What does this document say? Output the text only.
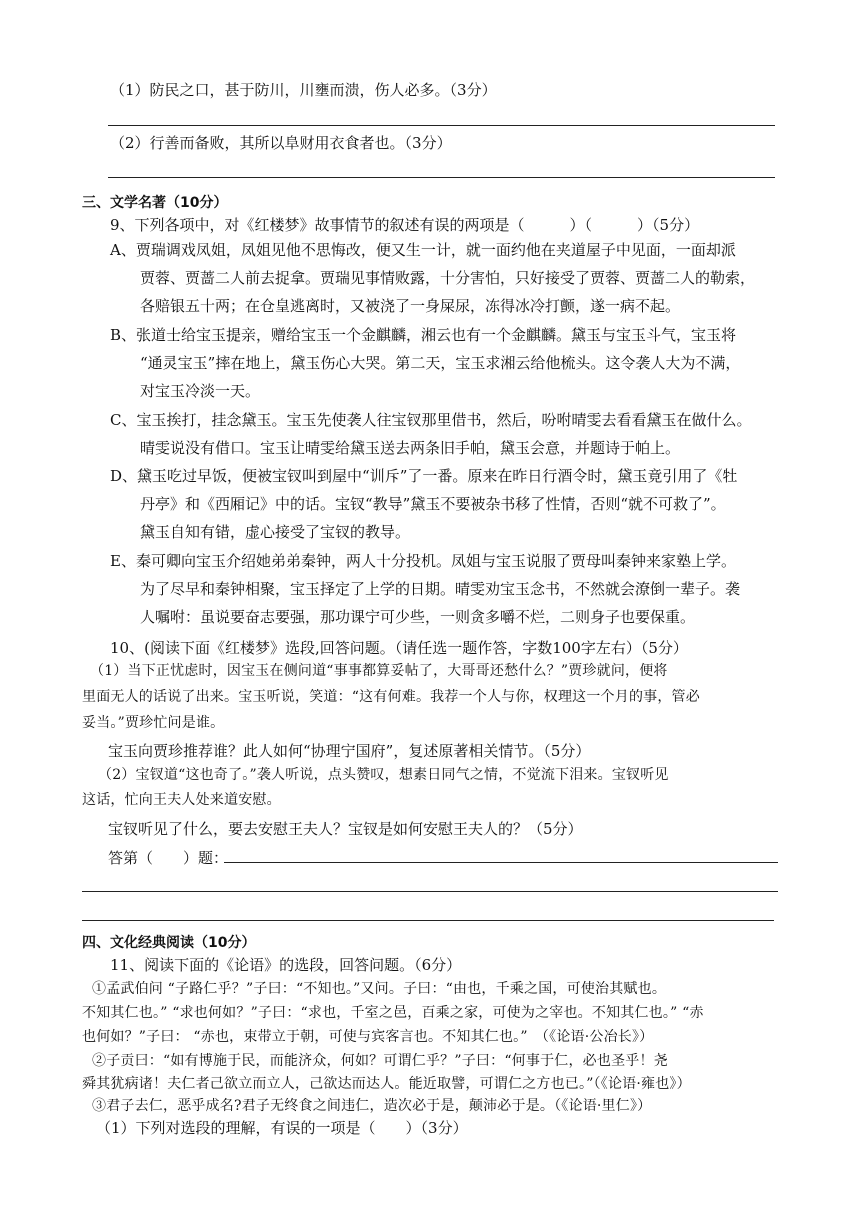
（1）防民之口，甚于防川，川壅而溃，伤人必多。（3分）
（2）行善而备败，其所以阜财用衣食者也。（3分）
三、文学名著（10分）
9、下列各项中，对《红楼梦》故事情节的叙述有误的两项是（　　　）（　　　）（5分）
A、贾瑞调戏凤姐，凤姐见他不思悔改，便又生一计，就一面约他在夹道屋子中见面，一面却派
贾蓉、贾蔷二人前去捉拿。贾瑞见事情败露，十分害怕，只好接受了贾蓉、贾蔷二人的勒索，
各赔银五十两；在仓皇逃离时，又被浇了一身屎尿，冻得冰冷打颤，遂一病不起。
B、张道士给宝玉提亲，赠给宝玉一个金麒麟，湘云也有一个金麒麟。黛玉与宝玉斗气，宝玉将
“通灵宝玉”摔在地上，黛玉伤心大哭。第二天，宝玉求湘云给他梳头。这令袭人大为不满，
对宝玉冷淡一天。
C、宝玉挨打，挂念黛玉。宝玉先使袭人往宝钗那里借书，然后，吩咐晴雯去看看黛玉在做什么。
晴雯说没有借口。宝玉让晴雯给黛玉送去两条旧手帕，黛玉会意，并题诗于帕上。
D、黛玉吃过早饭，便被宝钗叫到屋中“训斥”了一番。原来在昨日行酒令时，黛玉竟引用了《牡
丹亭》和《西厢记》中的话。宝钗“教导”黛玉不要被杂书移了性情，否则“就不可救了”。
黛玉自知有错，虚心接受了宝钗的教导。
E、秦可卿向宝玉介绍她弟弟秦钟，两人十分投机。凤姐与宝玉说服了贾母叫秦钟来家塾上学。
为了尽早和秦钟相聚，宝玉择定了上学的日期。晴雯劝宝玉念书，不然就会潦倒一辈子。袭
人嘱咐：虽说要奋志要强，那功课宁可少些，一则贪多嚼不烂，二则身子也要保重。
10、(阅读下面《红楼梦》选段,回答问题。（请任选一题作答，字数100字左右）（5分）
（1）当下正忧虑时，因宝玉在侧问道“事事都算妥帖了，大哥哥还愁什么？”贾珍就问，便将
里面无人的话说了出来。宝玉听说，笑道：“这有何难。我荐一个人与你，权理这一个月的事，管必
妥当。”贾珍忙问是谁。
宝玉向贾珍推荐谁？此人如何“协理宁国府”，复述原著相关情节。（5分）
（2）宝钗道“这也奇了。”袭人听说，点头赞叹，想素日同气之情，不觉流下泪来。宝钗听见
这话，忙向王夫人处来道安慰。
宝钗听见了什么，要去安慰王夫人？宝钗是如何安慰王夫人的？（5分）
答第（　　）题：
四、文化经典阅读（10分）
11、阅读下面的《论语》的选段，回答问题。（6分）
①孟武伯问 “子路仁乎？”子曰：“不知也。”又问。子曰：“由也，千乘之国，可使治其赋也。
不知其仁也。” “求也何如？”子曰：“求也，千室之邑，百乘之家，可使为之宰也。不知其仁也。” “赤
也何如？”子曰： “赤也，束带立于朝，可使与宾客言也。不知其仁也。”　（《论语·公冶长》）
②子贡曰：“如有博施于民，而能济众，何如？可谓仁乎？”子曰：“何事于仁，必也圣乎！尧
舜其犹病诸！夫仁者己欲立而立人，己欲达而达人。能近取譬，可谓仁之方也已。”（《论语·雍也》）
③君子去仁，恶乎成名?君子无终食之间违仁，造次必于是，颠沛必于是。（《论语·里仁》）
（1）下列对选段的理解，有误的一项是（　　）（3分）
